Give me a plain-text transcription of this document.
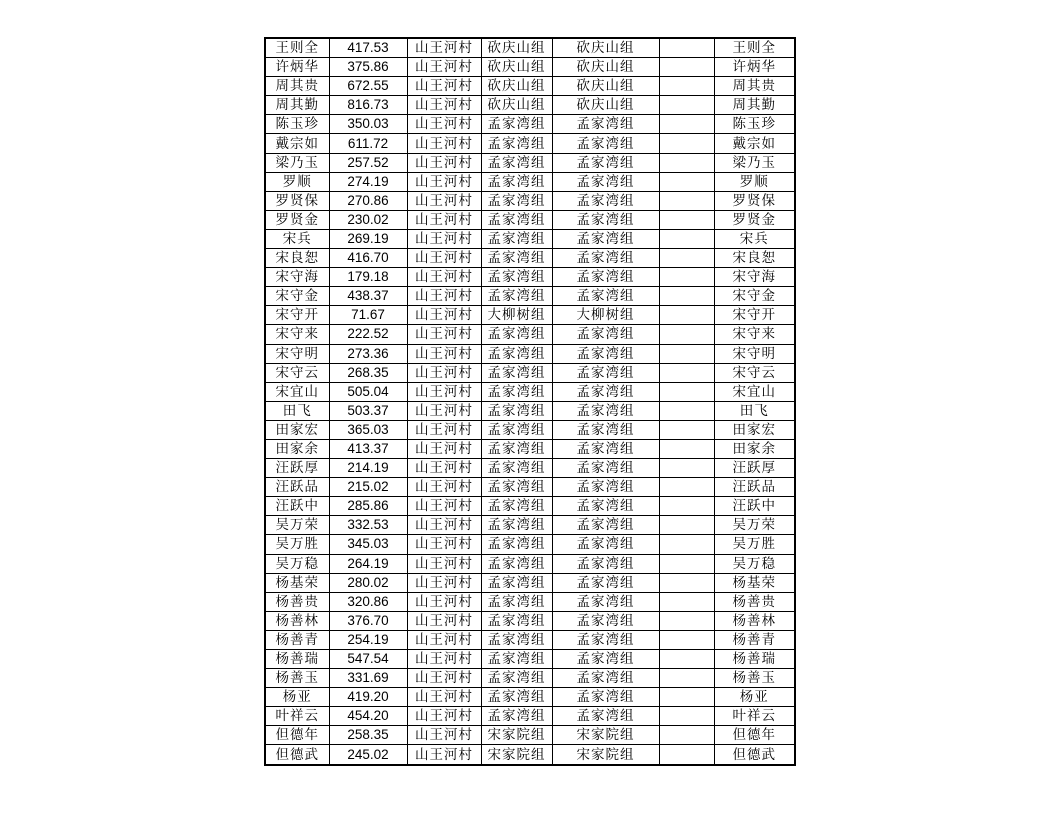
王则全	417.53	山王河村	砍庆山组	砍庆山组		王则全
许炳华	375.86	山王河村	砍庆山组	砍庆山组		许炳华
周其贵	672.55	山王河村	砍庆山组	砍庆山组		周其贵
周其勤	816.73	山王河村	砍庆山组	砍庆山组		周其勤
陈玉珍	350.03	山王河村	孟家湾组	孟家湾组		陈玉珍
戴宗如	611.72	山王河村	孟家湾组	孟家湾组		戴宗如
梁乃玉	257.52	山王河村	孟家湾组	孟家湾组		梁乃玉
罗顺	274.19	山王河村	孟家湾组	孟家湾组		罗顺
罗贤保	270.86	山王河村	孟家湾组	孟家湾组		罗贤保
罗贤金	230.02	山王河村	孟家湾组	孟家湾组		罗贤金
宋兵	269.19	山王河村	孟家湾组	孟家湾组		宋兵
宋良恕	416.70	山王河村	孟家湾组	孟家湾组		宋良恕
宋守海	179.18	山王河村	孟家湾组	孟家湾组		宋守海
宋守金	438.37	山王河村	孟家湾组	孟家湾组		宋守金
宋守开	71.67	山王河村	大柳树组	大柳树组		宋守开
宋守来	222.52	山王河村	孟家湾组	孟家湾组		宋守来
宋守明	273.36	山王河村	孟家湾组	孟家湾组		宋守明
宋守云	268.35	山王河村	孟家湾组	孟家湾组		宋守云
宋宜山	505.04	山王河村	孟家湾组	孟家湾组		宋宜山
田飞	503.37	山王河村	孟家湾组	孟家湾组		田飞
田家宏	365.03	山王河村	孟家湾组	孟家湾组		田家宏
田家余	413.37	山王河村	孟家湾组	孟家湾组		田家余
汪跃厚	214.19	山王河村	孟家湾组	孟家湾组		汪跃厚
汪跃品	215.02	山王河村	孟家湾组	孟家湾组		汪跃品
汪跃中	285.86	山王河村	孟家湾组	孟家湾组		汪跃中
吴万荣	332.53	山王河村	孟家湾组	孟家湾组		吴万荣
吴万胜	345.03	山王河村	孟家湾组	孟家湾组		吴万胜
吴万稳	264.19	山王河村	孟家湾组	孟家湾组		吴万稳
杨基荣	280.02	山王河村	孟家湾组	孟家湾组		杨基荣
杨善贵	320.86	山王河村	孟家湾组	孟家湾组		杨善贵
杨善林	376.70	山王河村	孟家湾组	孟家湾组		杨善林
杨善青	254.19	山王河村	孟家湾组	孟家湾组		杨善青
杨善瑞	547.54	山王河村	孟家湾组	孟家湾组		杨善瑞
杨善玉	331.69	山王河村	孟家湾组	孟家湾组		杨善玉
杨亚	419.20	山王河村	孟家湾组	孟家湾组		杨亚
叶祥云	454.20	山王河村	孟家湾组	孟家湾组		叶祥云
但德年	258.35	山王河村	宋家院组	宋家院组		但德年
但德武	245.02	山王河村	宋家院组	宋家院组		但德武
